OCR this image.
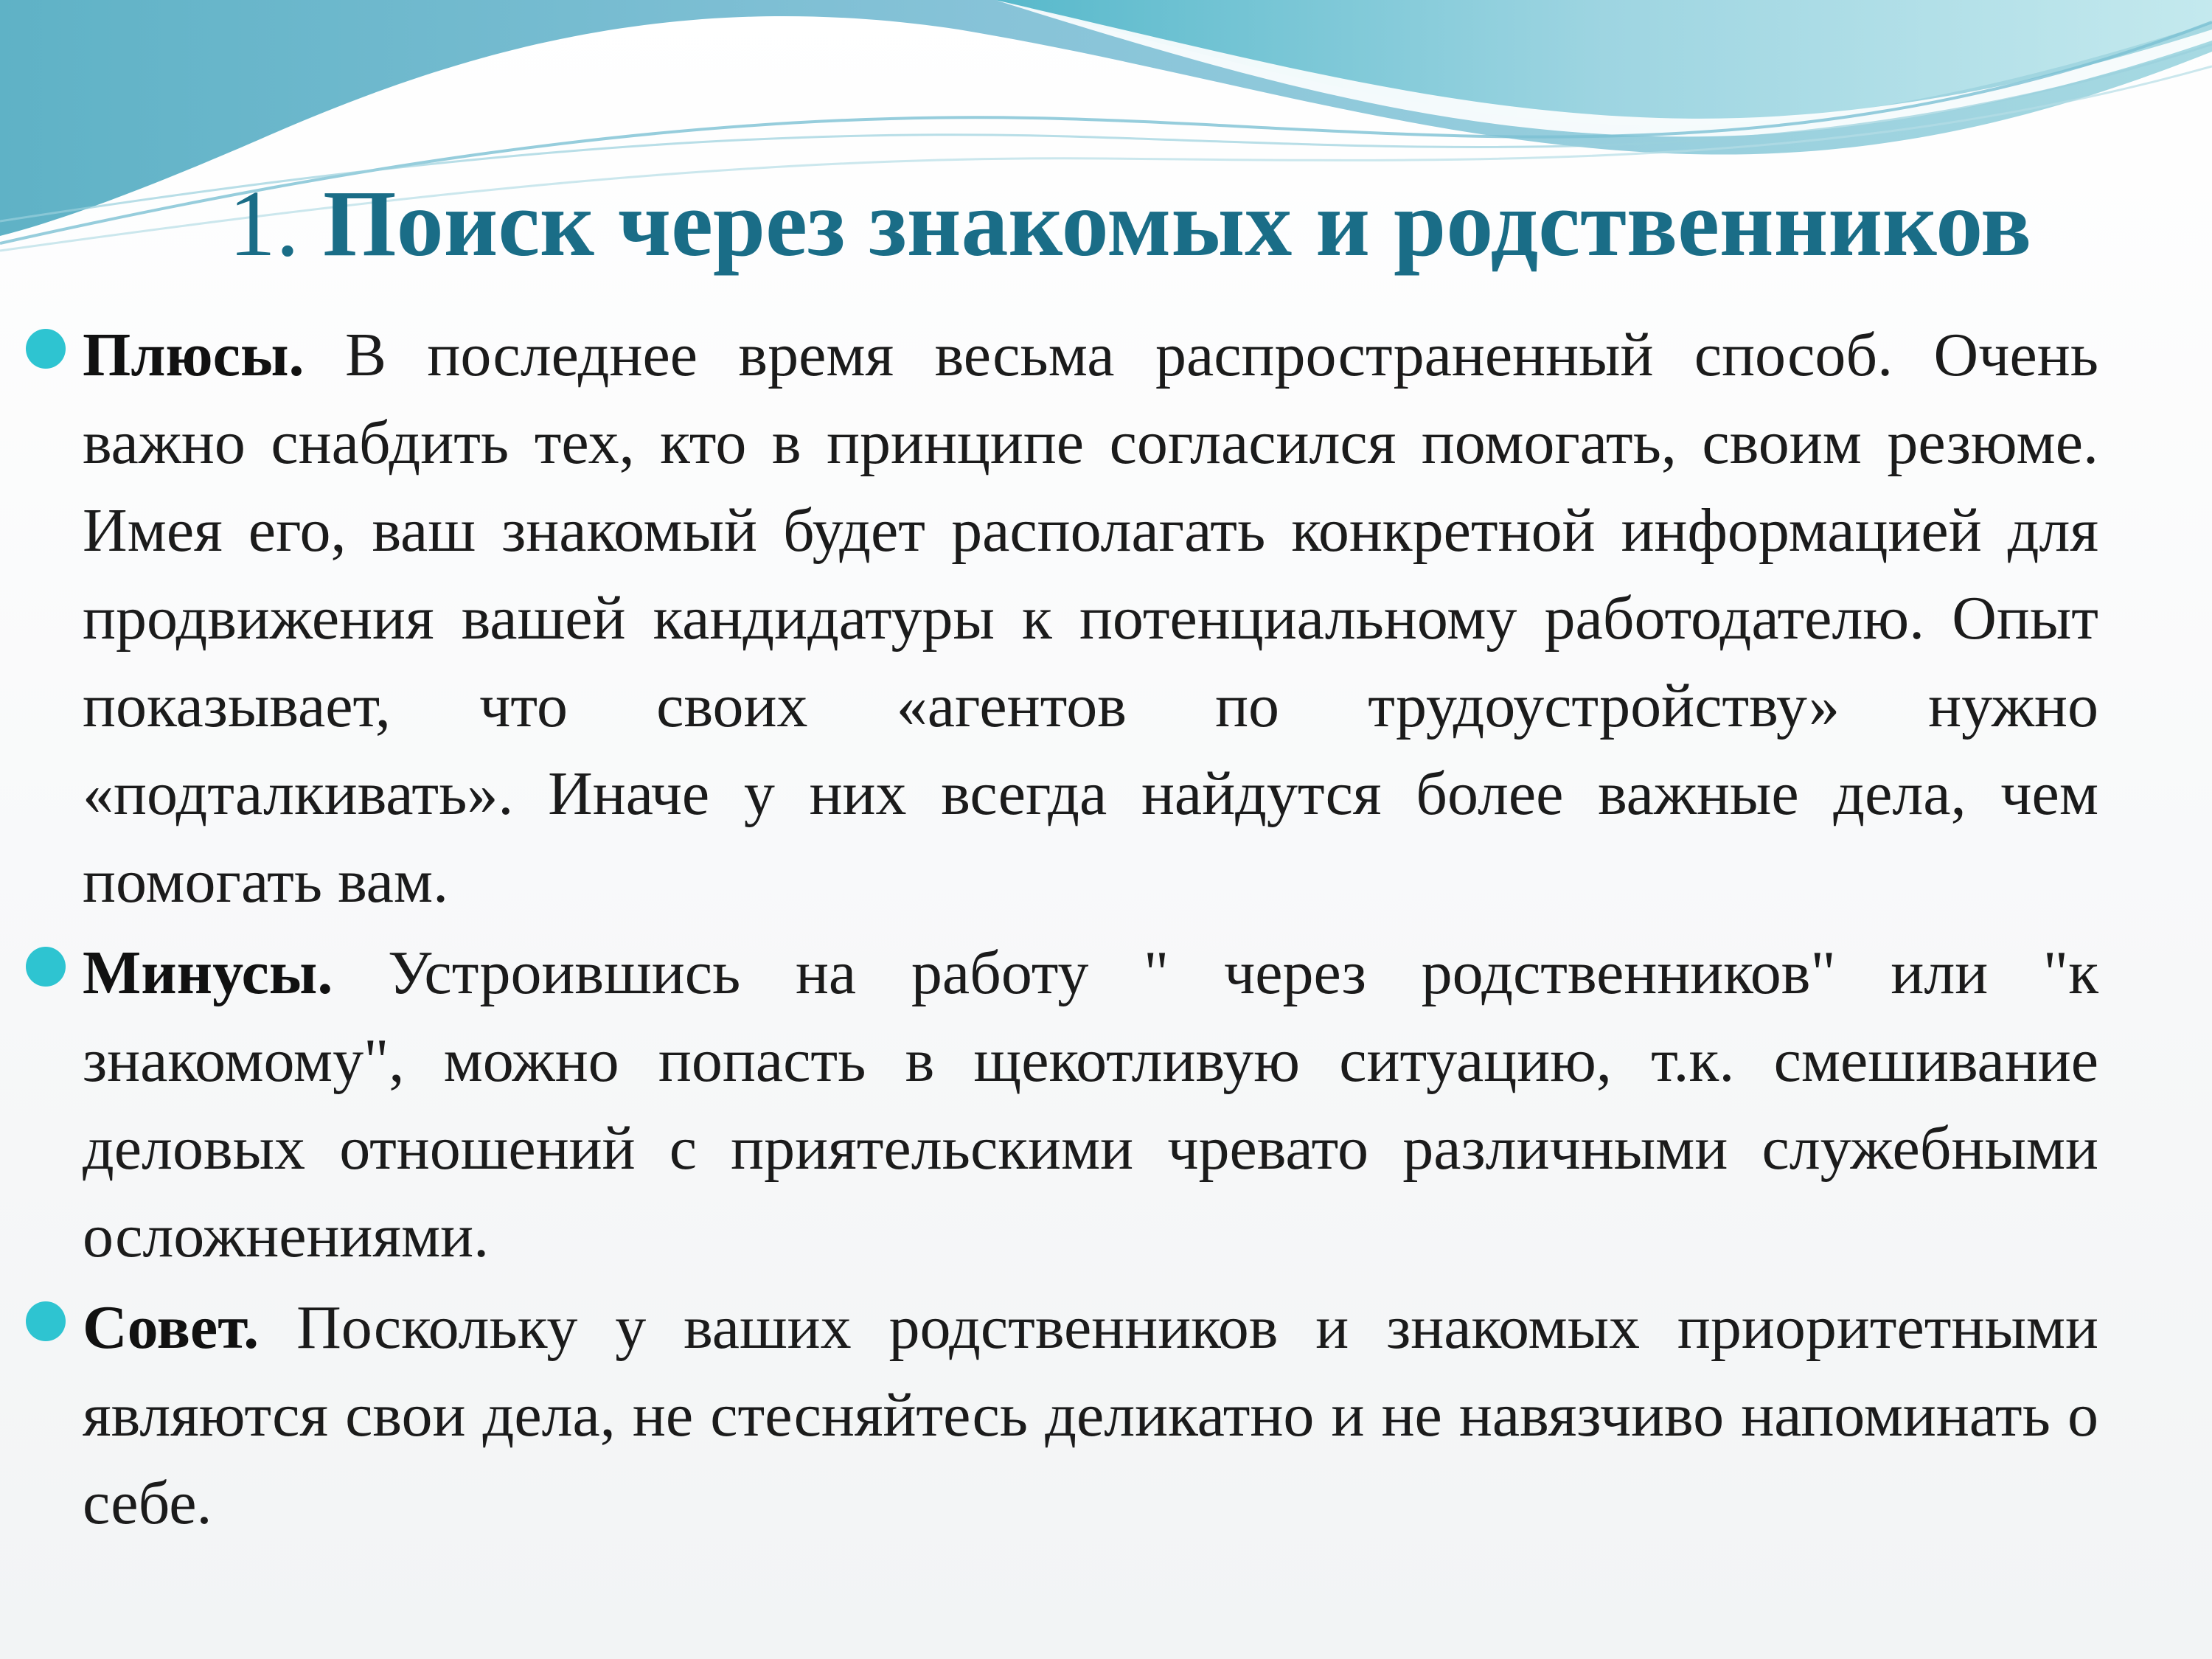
1. Поиск через знакомых и родственников

Плюсы. В последнее время весьма распространенный способ. Очень важно снабдить тех, кто в принципе согласился помогать, своим резюме. Имея его, ваш знакомый будет располагать конкретной информацией для продвижения вашей кандидатуры к потенциальному работодателю. Опыт показывает, что своих «агентов по трудоустройству» нужно «подталкивать». Иначе у них всегда найдутся более важные дела, чем помогать вам.

Минусы. Устроившись на работу " через родственников" или "к знакомому", можно попасть в щекотливую ситуацию, т.к. смешивание деловых отношений с приятельскими чревато различными служебными осложнениями.

Совет. Поскольку у ваших родственников и знакомых приоритетными являются свои дела, не стесняйтесь деликатно и не навязчиво напоминать о себе.
